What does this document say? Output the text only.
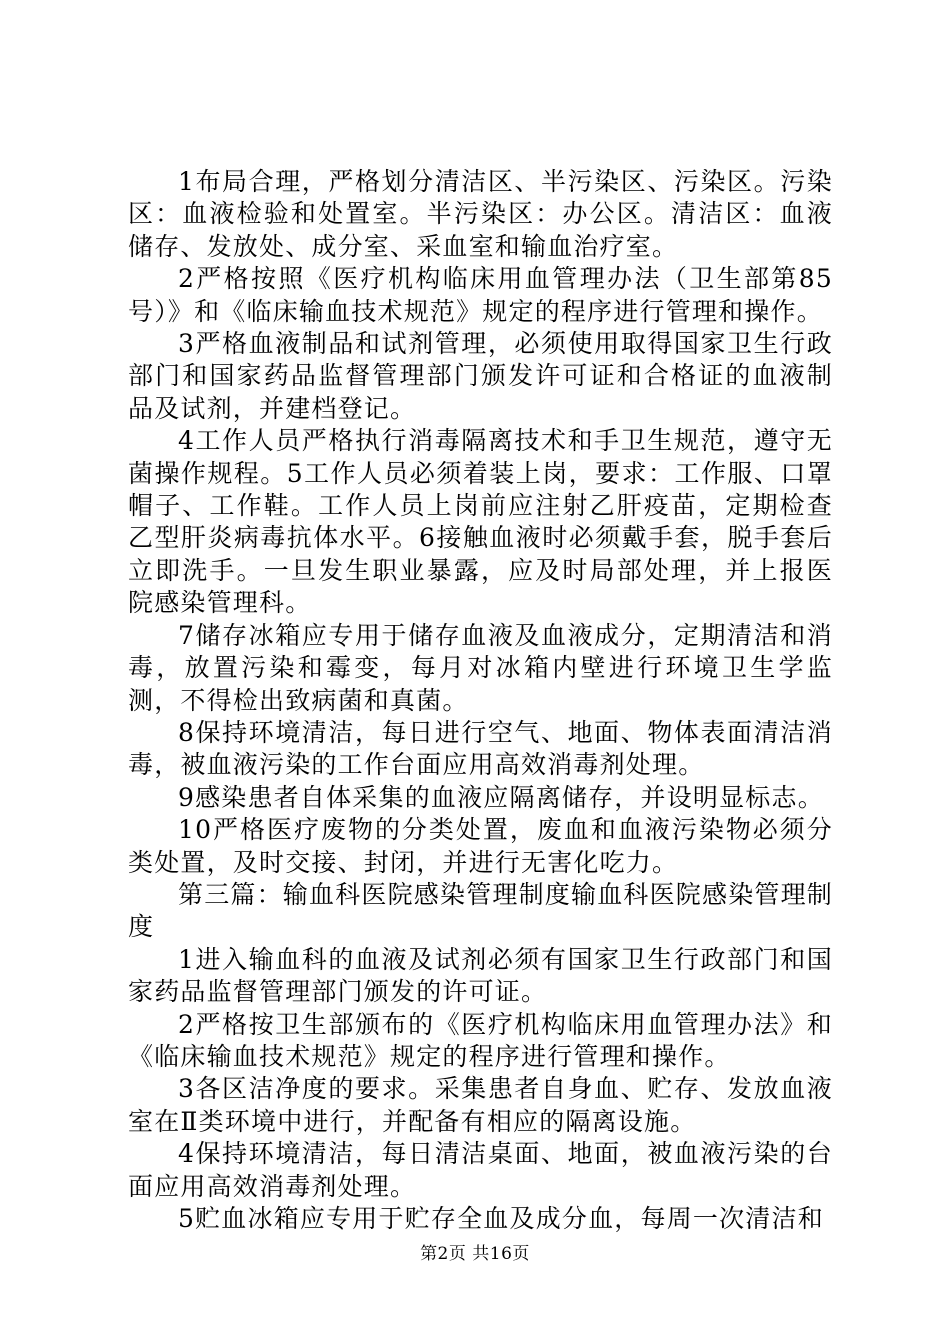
1布局合理，严格划分清洁区、半污染区、污染区。污染区：血液检验和处置室。半污染区：办公区。清洁区：血液储存、发放处、成分室、采血室和输血治疗室。

2严格按照《医疗机构临床用血管理办法（卫生部第85号）》和《临床输血技术规范》规定的程序进行管理和操作。

3严格血液制品和试剂管理，必须使用取得国家卫生行政部门和国家药品监督管理部门颁发许可证和合格证的血液制品及试剂，并建档登记。

4工作人员严格执行消毒隔离技术和手卫生规范，遵守无菌操作规程。5工作人员必须着装上岗，要求：工作服、口罩帽子、工作鞋。工作人员上岗前应注射乙肝疫苗，定期检查乙型肝炎病毒抗体水平。6接触血液时必须戴手套，脱手套后立即洗手。一旦发生职业暴露，应及时局部处理，并上报医院感染管理科。

7储存冰箱应专用于储存血液及血液成分，定期清洁和消毒，放置污染和霉变，每月对冰箱内壁进行环境卫生学监测，不得检出致病菌和真菌。

8保持环境清洁，每日进行空气、地面、物体表面清洁消毒，被血液污染的工作台面应用高效消毒剂处理。

9感染患者自体采集的血液应隔离储存，并设明显标志。

10严格医疗废物的分类处置，废血和血液污染物必须分类处置，及时交接、封闭，并进行无害化吃力。

第三篇：输血科医院感染管理制度输血科医院感染管理制度

1进入输血科的血液及试剂必须有国家卫生行政部门和国家药品监督管理部门颁发的许可证。

2严格按卫生部颁布的《医疗机构临床用血管理办法》和《临床输血技术规范》规定的程序进行管理和操作。

3各区洁净度的要求。采集患者自身血、贮存、发放血液室在Ⅱ类环境中进行，并配备有相应的隔离设施。

4保持环境清洁，每日清洁桌面、地面，被血液污染的台面应用高效消毒剂处理。

5贮血冰箱应专用于贮存全血及成分血，每周一次清洁和

第2页 共16页
